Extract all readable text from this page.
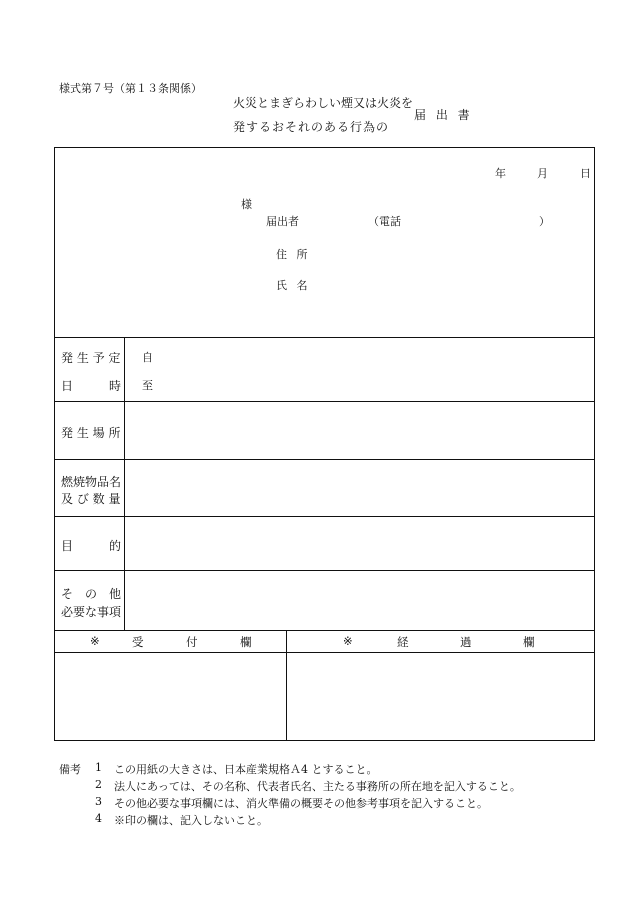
様式第７号（第１３条関係）
火災とまぎらわしい煙又は火炎を
発するおそれのある行為の
届 出 書
年	月	日
様
届出者	（電話	）
住 所
氏 名
発 生 予 定
日　　　時
自
至
発 生 場 所
燃焼物品名
及 び 数 量
目　　　的
そ　の　他
必要な事項
※	受	付	欄	※	経	過	欄
備考 1 この用紙の大きさは、日本産業規格Ａ4 とすること。
2 法人にあっては、その名称、代表者氏名、主たる事務所の所在地を記入すること。
3 その他必要な事項欄には、消火準備の概要その他参考事項を記入すること。
4 ※印の欄は、記入しないこと。
